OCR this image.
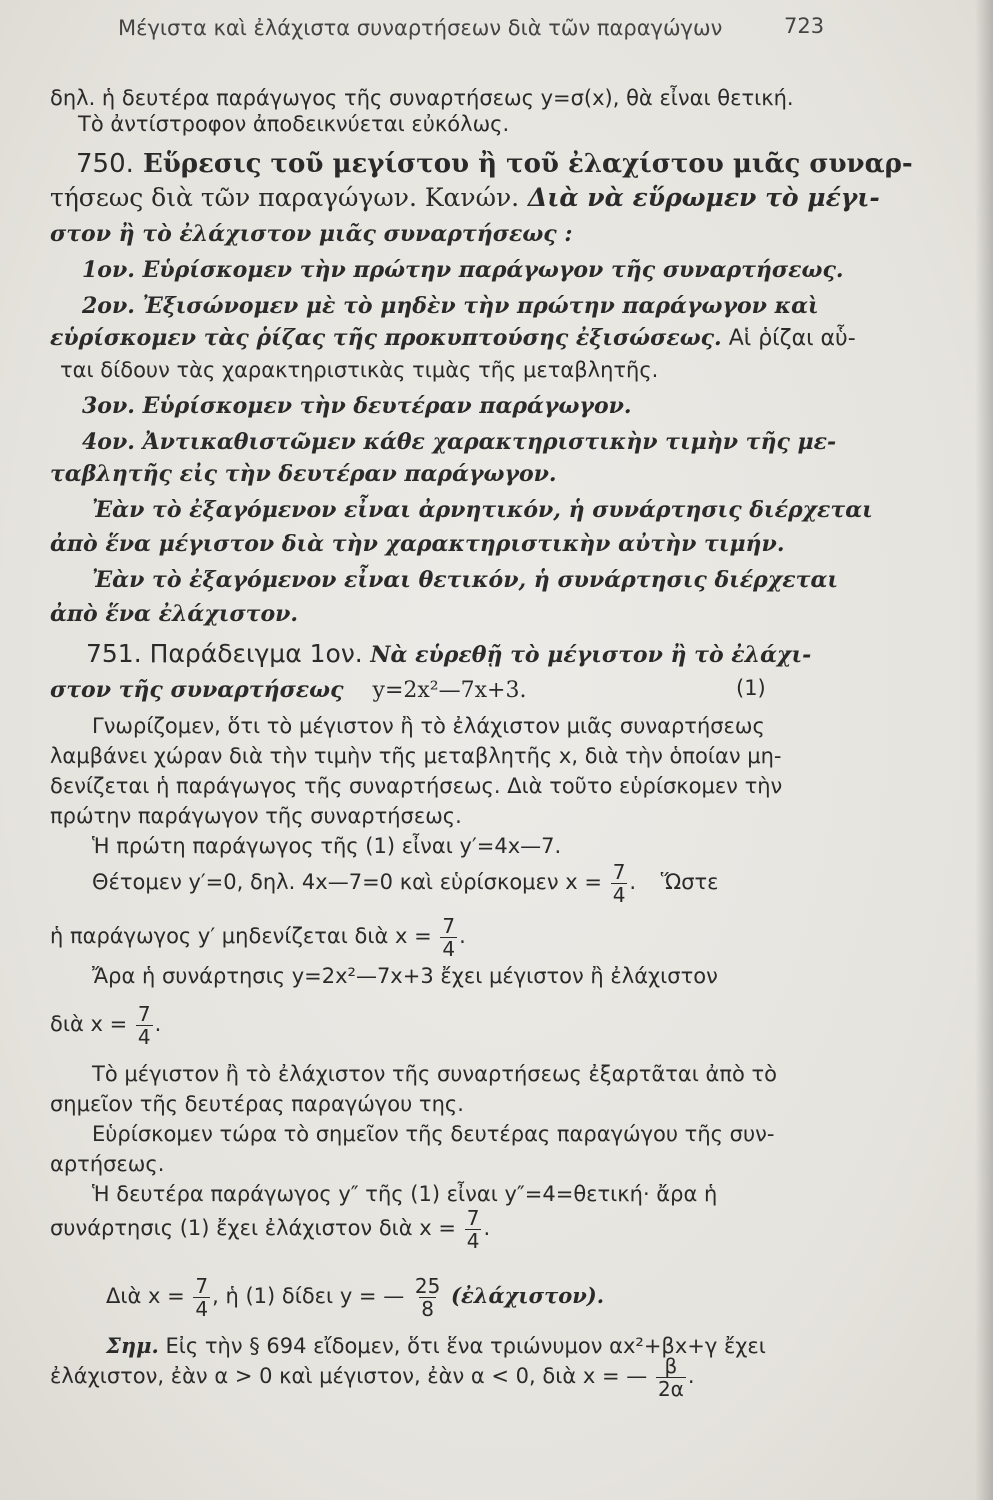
Μέγιστα καὶ ἐλάχιστα συναρτήσεων διὰ τῶν παραγώγων	723
δηλ. ἡ δευτέρα παράγωγος τῆς συναρτήσεως y=σ(x), θὰ εἶναι θετική.
Τὸ ἀντίστροφον ἀποδεικνύεται εὐκόλως.
750. Εὕρεσις τοῦ μεγίστου ἢ τοῦ ἐλαχίστου μιᾶς συναρ-
τήσεως διὰ τῶν παραγώγων. Κανών. Διὰ νὰ εὕρωμεν τὸ μέγι-
στον ἢ τὸ ἐλάχιστον μιᾶς συναρτήσεως :
1ον. Εὑρίσκομεν τὴν πρώτην παράγωγον τῆς συναρτήσεως.
2ον. Ἐξισώνομεν μὲ τὸ μηδὲν τὴν πρώτην παράγωγον καὶ
εὑρίσκομεν τὰς ῥίζας τῆς προκυπτούσης ἐξισώσεως. Αἱ ῥίζαι αὗ-
ται δίδουν τὰς χαρακτηριστικὰς τιμὰς τῆς μεταβλητῆς.
3ον. Εὑρίσκομεν τὴν δευτέραν παράγωγον.
4ον. Ἀντικαθιστῶμεν κάθε χαρακτηριστικὴν τιμὴν τῆς με-
ταβλητῆς εἰς τὴν δευτέραν παράγωγον.
Ἐὰν τὸ ἐξαγόμενον εἶναι ἀρνητικόν, ἡ συνάρτησις διέρχεται
ἀπὸ ἕνα μέγιστον διὰ τὴν χαρακτηριστικὴν αὐτὴν τιμήν.
Ἐὰν τὸ ἐξαγόμενον εἶναι θετικόν, ἡ συνάρτησις διέρχεται
ἀπὸ ἕνα ἐλάχιστον.
751. Παράδειγμα 1ον. Νὰ εὑρεθῇ τὸ μέγιστον ἢ τὸ ἐλάχι-
στον τῆς συναρτήσεως y=2x²—7x+3.	(1)
Γνωρίζομεν, ὅτι τὸ μέγιστον ἢ τὸ ἐλάχιστον μιᾶς συναρτήσεως
λαμβάνει χώραν διὰ τὴν τιμὴν τῆς μεταβλητῆς x, διὰ τὴν ὁποίαν μη-
δενίζεται ἡ παράγωγος τῆς συναρτήσεως. Διὰ τοῦτο εὑρίσκομεν τὴν
πρώτην παράγωγον τῆς συναρτήσεως.
Ἡ πρώτη παράγωγος τῆς (1) εἶναι y′=4x—7.
Θέτομεν y′=0, δηλ. 4x—7=0 καὶ εὑρίσκομεν $x = \frac{7}{4}$ . Ὥστε
ἡ παράγωγος y′ μηδενίζεται διὰ $x = \frac{7}{4}$ .
Ἄρα ἡ συνάρτησις y=2x²—7x+3 ἔχει μέγιστον ἢ ἐλάχιστον
διὰ $x = \frac{7}{4}$ .
Τὸ μέγιστον ἢ τὸ ἐλάχιστον τῆς συναρτήσεως ἐξαρτᾶται ἀπὸ τὸ
σημεῖον τῆς δευτέρας παραγώγου της.
Εὑρίσκομεν τώρα τὸ σημεῖον τῆς δευτέρας παραγώγου τῆς συν-
αρτήσεως.
Ἡ δευτέρα παράγωγος y″ τῆς (1) εἶναι y″=4=θετική· ἄρα ἡ
συνάρτησις (1) ἔχει ἐλάχιστον διὰ $x = \frac{7}{4}$ .
Διὰ $x = \frac{7}{4}$ , ἡ (1) δίδει y = — $\frac{25}{8}$ (ἐλάχιστον).
Σημ. Εἰς τὴν § 694 εἴδομεν, ὅτι ἕνα τριώνυμον αx²+βx+γ ἔχει
ἐλάχιστον, ἐὰν α > 0 καὶ μέγιστον, ἐὰν α < 0, διὰ x = — $\frac{\beta}{2\alpha}$ .
